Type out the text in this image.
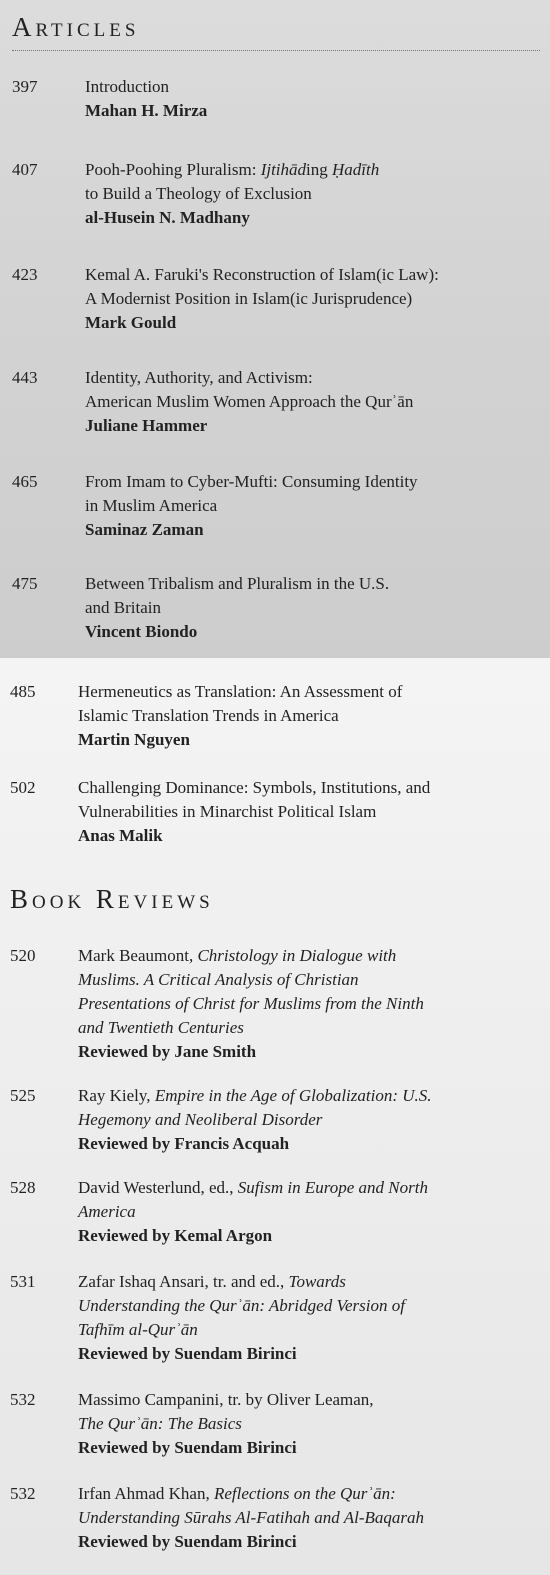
Articles
397	Introduction
Mahan H. Mirza
407	Pooh-Poohing Pluralism: Ijtihāding Ḥadīth
to Build a Theology of Exclusion
al-Husein N. Madhany
423	Kemal A. Faruki's Reconstruction of Islam(ic Law):
A Modernist Position in Islam(ic Jurisprudence)
Mark Gould
443	Identity, Authority, and Activism:
American Muslim Women Approach the Qurʾān
Juliane Hammer
465	From Imam to Cyber-Mufti: Consuming Identity
in Muslim America
Saminaz Zaman
475	Between Tribalism and Pluralism in the U.S.
and Britain
Vincent Biondo
485	Hermeneutics as Translation: An Assessment of
Islamic Translation Trends in America
Martin Nguyen
502	Challenging Dominance: Symbols, Institutions, and
Vulnerabilities in Minarchist Political Islam
Anas Malik
Book Reviews
520	Mark Beaumont, Christology in Dialogue with
Muslims. A Critical Analysis of Christian
Presentations of Christ for Muslims from the Ninth
and Twentieth Centuries
Reviewed by Jane Smith
525	Ray Kiely, Empire in the Age of Globalization: U.S.
Hegemony and Neoliberal Disorder
Reviewed by Francis Acquah
528	David Westerlund, ed., Sufism in Europe and North
America
Reviewed by Kemal Argon
531	Zafar Ishaq Ansari, tr. and ed., Towards
Understanding the Qurʾān: Abridged Version of
Tafhīm al-Qurʾān
Reviewed by Suendam Birinci
532	Massimo Campanini, tr. by Oliver Leaman,
The Qurʾān: The Basics
Reviewed by Suendam Birinci
532	Irfan Ahmad Khan, Reflections on the Qurʾān:
Understanding Sūrahs Al-Fatihah and Al-Baqarah
Reviewed by Suendam Birinci
